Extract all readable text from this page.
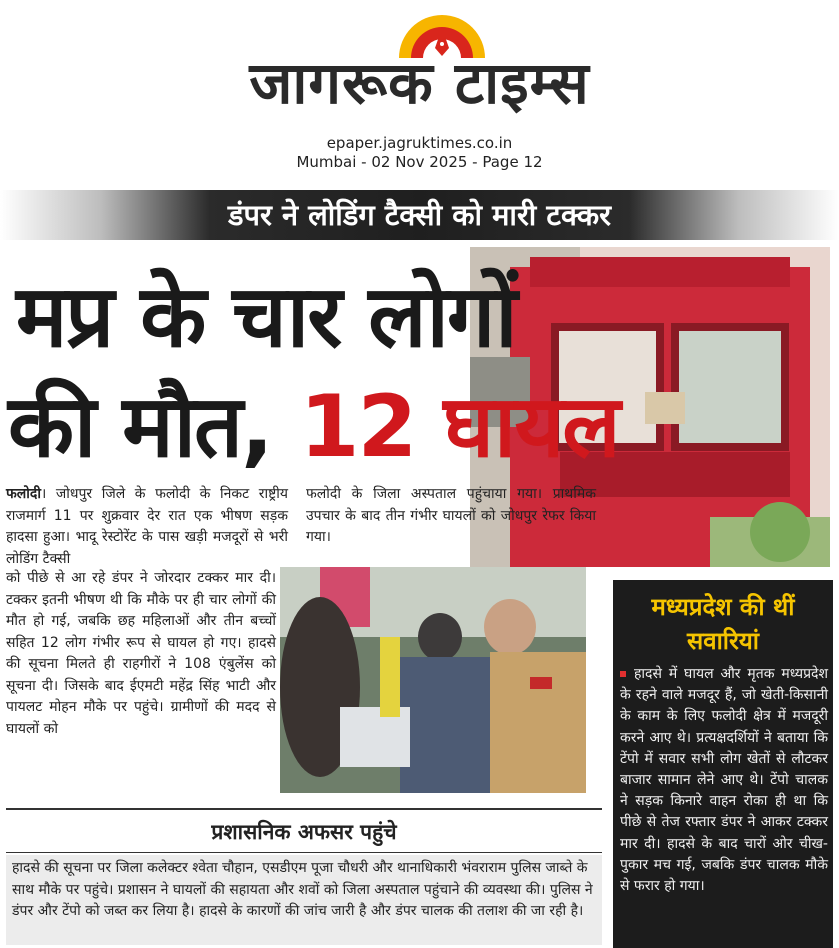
जागरूक टाइम्स
epaper.jagruktimes.co.in
Mumbai - 02 Nov 2025 - Page 12
डंपर ने लोडिंग टैक्सी को मारी टक्कर
मप्र के चार लोगों
की मौत, 12 घायल
फलोदी। जोधपुर जिले के फलोदी के निकट राष्ट्रीय राजमार्ग 11 पर शुक्रवार देर रात एक भीषण सड़क हादसा हुआ। भादू रेस्टोरेंट के पास खड़ी मजदूरों से भरी लोडिंग टैक्सी
को पीछे से आ रहे डंपर ने जोरदार टक्कर मार दी। टक्कर इतनी भीषण थी कि मौके पर ही चार लोगों की मौत हो गई, जबकि छह महिलाओं और तीन बच्चों सहित 12 लोग गंभीर रूप से घायल हो गए। हादसे की सूचना मिलते ही राहगीरों ने 108 एंबुलेंस को सूचना दी। जिसके बाद ईएमटी महेंद्र सिंह भाटी और पायलट मोहन मौके पर पहुंचे। ग्रामीणों की मदद से घायलों को
फलोदी के जिला अस्पताल पहुंचाया गया। प्राथमिक उपचार के बाद तीन गंभीर घायलों को जोधपुर रेफर किया गया।
मध्यप्रदेश की थीं सवारियां
हादसे में घायल और मृतक मध्यप्रदेश के रहने वाले मजदूर हैं, जो खेती-किसानी के काम के लिए फलोदी क्षेत्र में मजदूरी करने आए थे। प्रत्यक्षदर्शियों ने बताया कि टेंपो में सवार सभी लोग खेतों से लौटकर बाजार सामान लेने आए थे। टेंपो चालक ने सड़क किनारे वाहन रोका ही था कि पीछे से तेज रफ्तार डंपर ने आकर टक्कर मार दी। हादसे के बाद चारों ओर चीख-पुकार मच गई, जबकि डंपर चालक मौके से फरार हो गया।
प्रशासनिक अफसर पहुंचे
हादसे की सूचना पर जिला कलेक्टर श्वेता चौहान, एसडीएम पूजा चौधरी और थानाधिकारी भंवराराम पुलिस जाब्ते के साथ मौके पर पहुंचे। प्रशासन ने घायलों की सहायता और शवों को जिला अस्पताल पहुंचाने की व्यवस्था की। पुलिस ने डंपर और टेंपो को जब्त कर लिया है। हादसे के कारणों की जांच जारी है और डंपर चालक की तलाश की जा रही है।
